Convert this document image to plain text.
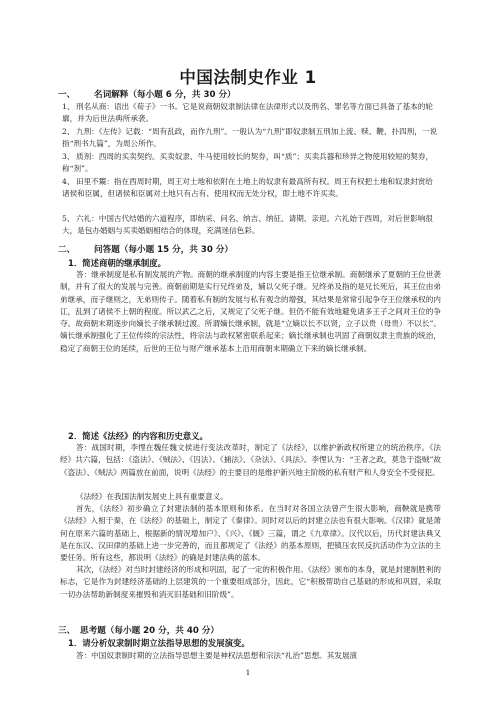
中国法制史作业 1
一、 名词解释（每小题 6 分，共 30 分）
1、 刑名从商：语出《荀子》一书。它是说商朝奴隶制法律在法律形式以及刑名、罪名等方面已具备了基本的轮廓，并为后世法典所承袭。
2、 九刑：《左传》记载：“周有乱政，而作九刑”。一般认为“九刑”即奴隶制五刑加上流、赎、鞭、扑四刑，一说指“刑书九篇”，为周公所作。
3、 质剂：西周的买卖契约。买卖奴隶、牛马使用较长的契券，叫“质”；买卖兵器和珍异之物使用较短的契券，称“剂”。
4、 田里不鬻：指在西周时期，周王对土地和依附在土地上的奴隶有最高所有权。周王有权把土地和奴隶封赏给诸侯和臣属，但诸侯和臣属对土地只有占有、使用权而无处分权，即土地不许买卖。
5、 六礼：中国古代结婚的六道程序，即纳采、问名、纳吉、纳征、请期、亲迎。六礼始于西周，对后世影响很大，是包办婚姻与买卖婚姻相结合的体现，充满迷信色彩。
二、 问答题（每小题 15 分，共 30 分）
1．简述商朝的继承制度。
答：继承制度是私有制发展的产物。商朝的继承制度的内容主要是指王位继承制。商朝继承了夏朝的王位世袭制，并有了很大的发展与完善。商朝前期是实行兄终弟及，辅以父死子继。兄终弟及指的是兄长死后，其王位由弟弟继承，而子继则之，无弟则传子。随着私有制的发展与私有观念的增强，其结果是常常引起争夺王位继承权的内讧，乱到了诸侯不上朝的程度。所以武乙之后，又规定了父死子继。但仍不能有效地避免诸多王子之间对王位的争夺。故商朝末期逐步向嫡长子继承制过渡。所谓嫡长继承制，就是“立嫡以长不以贤，立子以贵（母贵）不以长”。嫡长继承制强化了王位传续的宗法性，将宗法与政权紧密联系起来；嫡长继承制也巩固了商朝奴隶主贵族的统治，稳定了商朝王位的延续，后世的王位与财产继承基本上沿用商朝末期确立下来的嫡长继承制。
2．简述《法经》的内容和历史意义。
答：战国时期，李悝在魏任魏文侯进行变法改革时，制定了《法经》，以维护新政权所建立的统治秩序。《法经》共六篇，包括：《盗法》、《贼法》、《囚法》、《捕法》、《杂法》、《具法》。李悝认为：“王者之政，莫急于盗贼”故《盗法》、《贼法》两篇放在前面，说明《法经》的主要目的是维护新兴地主阶级的私有财产和人身安全不受侵犯。
《法经》在我国法制发展史上具有重要意义。
首先，《法经》初步确立了封建法制的基本原则和体系。在当时对各国立法曾产生很大影响，商鞅就是携带《法经》入相于秦，在《法经》的基础上，制定了《秦律》。同时对以后的封建立法也有很大影响。《汉律》就是萧何在原来六篇的基础上，根据新的情况增加户》、《兴》、《厩》三篇，谓之《九章律》。汉代以后，历代封建法典又是在东汉、汉田律的基础上进一步完善的，而且都规定了《法经》的基本原则，把镇压农民反抗活动作为立法的主要任务。所有这些，都说明《法经》的确是封建法典的蓝本。
其次，《法经》对当时封建经济的形成和巩固，起了一定的积极作用。《法经》颁布的本身，就是封建制胜利的标志，它是作为封建经济基础的上层建筑的一个重要组成部分，因此，它“积极帮助自己基础的形成和巩固，采取一切办法帮助新制度来摧毁和消灭旧基础和旧阶级”。
三、 思考题（每小题 20 分，共 40 分）
1．请分析奴隶制时期立法指导思想的发展演变。
答：中国奴隶制时期的立法指导思想主要是神权法思想和宗法“礼治”思想。其发展演
1
